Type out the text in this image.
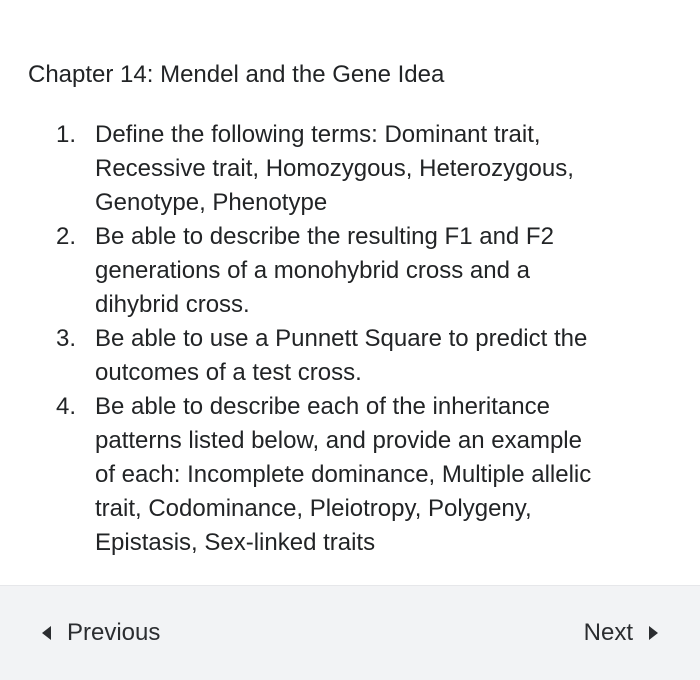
Chapter 14: Mendel and the Gene Idea
1. Define the following terms: Dominant trait,
Recessive trait, Homozygous, Heterozygous,
Genotype, Phenotype
2. Be able to describe the resulting F1 and F2
generations of a monohybrid cross and a
dihybrid cross.
3. Be able to use a Punnett Square to predict the
outcomes of a test cross.
4. Be able to describe each of the inheritance
patterns listed below, and provide an example
of each: Incomplete dominance, Multiple allelic
trait, Codominance, Pleiotropy, Polygeny,
Epistasis, Sex-linked traits
Previous	Next
